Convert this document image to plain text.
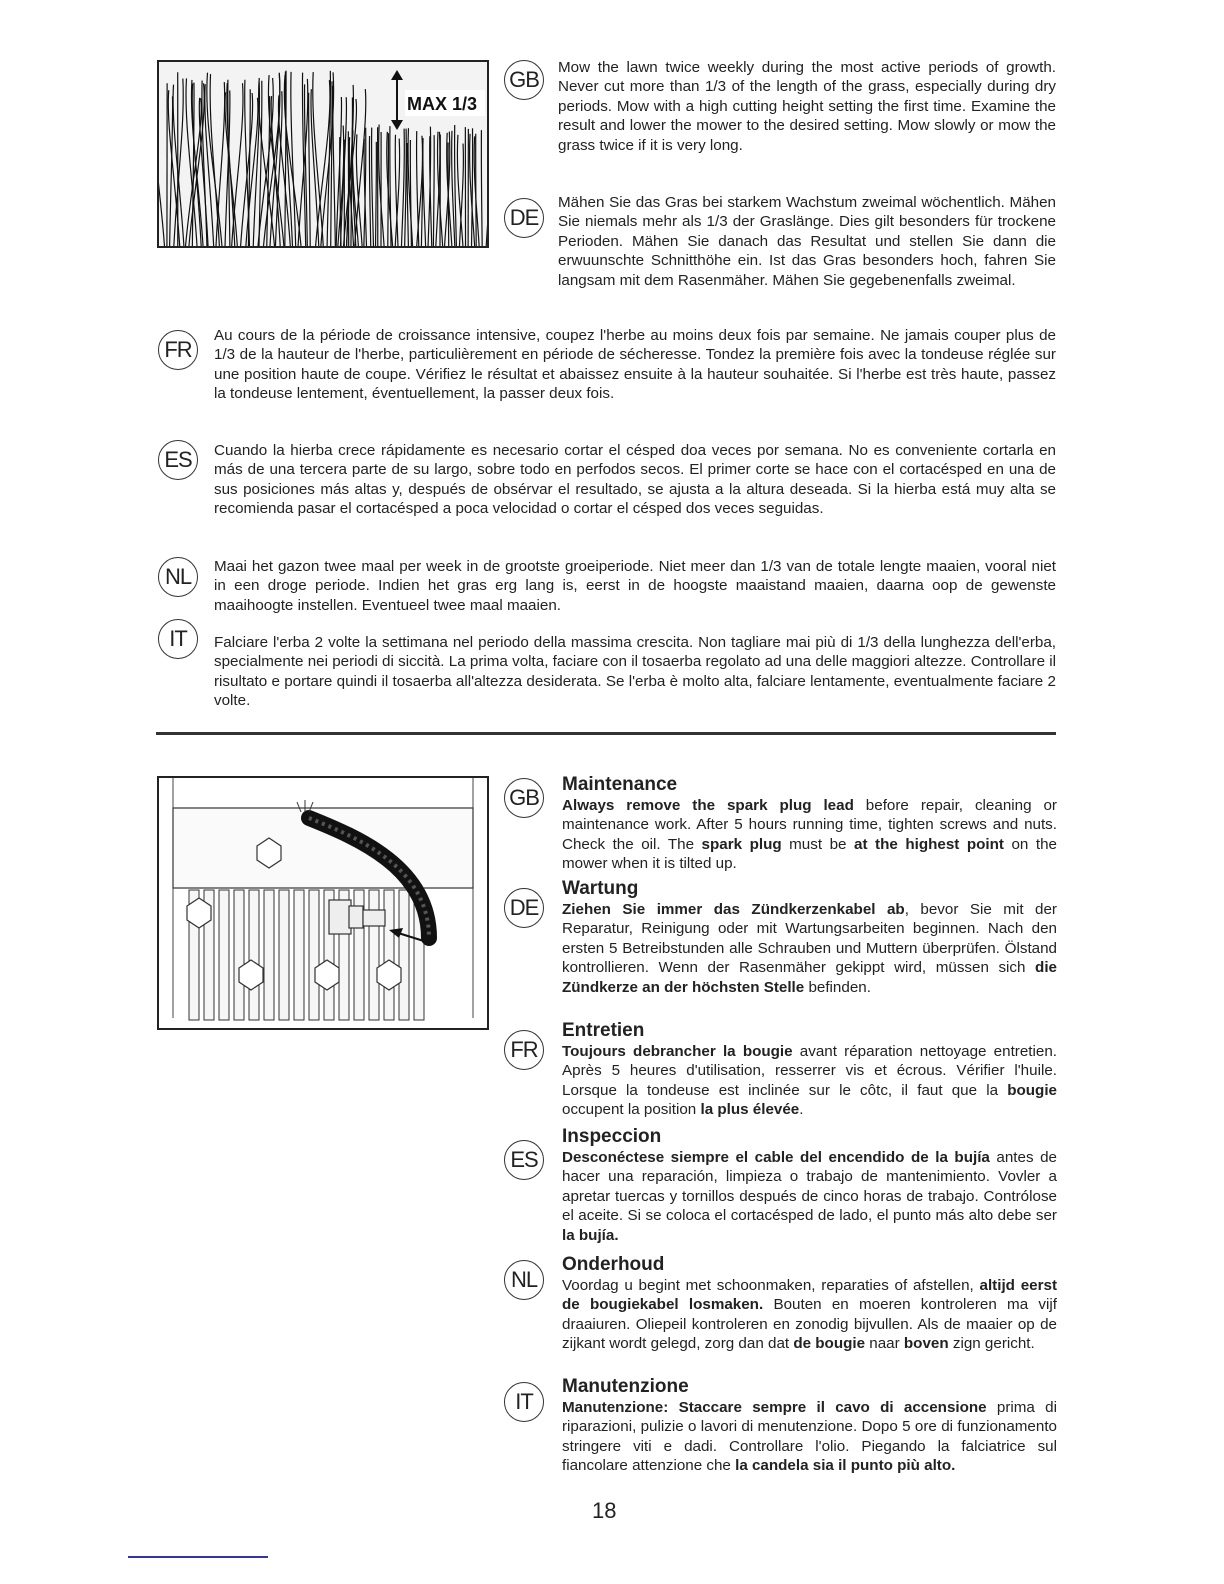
MAX 1/3
GB	Mow the lawn twice weekly during the most active periods of growth. Never cut more than 1/3 of the length of the grass, especially during dry periods. Mow with a high cutting height setting the first time. Examine the result and lower the mower to the desired setting. Mow slowly or mow the grass twice if it is very long.

DE

Mähen Sie das Gras bei starkem Wachstum zweimal wöchentlich. Mähen Sie niemals mehr als 1/3 der Graslänge. Dies gilt besonders für trockene Perioden. Mähen Sie danach das Resultat und stellen Sie dann die erwuunschte Schnitthöhe ein. Ist das Gras besonders hoch, fahren Sie langsam mit dem Rasenmäher. Mähen Sie gegebenenfalls zweimal.

FR

Au cours de la période de croissance intensive, coupez l'herbe au moins deux fois par semaine. Ne jamais couper plus de 1/3 de la hauteur de l'herbe, particulièrement en période de sécheresse. Tondez la première fois avec la tondeuse réglée sur une position haute de coupe. Vérifiez le résultat et abaissez ensuite à la hauteur souhaitée. Si l'herbe est très haute, passez la tondeuse lentement, éventuellement, la passer deux fois.

ES	Cuando la hierba crece rápidamente es necesario cortar el césped doa veces por semana. No es conveniente cortarla en más de una tercera parte de su largo, sobre todo en perfodos secos. El primer corte se hace con el cortacésped en una de sus posiciones más altas y, después de obsérvar el resultado, se ajusta a la altura deseada. Si la hierba está muy alta se recomienda pasar el cortacésped a poca velocidad o cortar el césped dos veces seguidas.

NL	Maai het gazon twee maal per week in de grootste groeiperiode. Niet meer dan 1/3 van de totale lengte maaien, vooral niet in een droge periode. Indien het gras erg lang is, eerst in de hoogste maaistand maaien, daarna oop de gewenste maaihoogte instellen. Eventueel twee maal maaien.

IT	Falciare l'erba 2 volte la settimana nel periodo della massima crescita. Non tagliare mai più di 1/3 della lunghezza dell'erba, specialmente nei periodi di siccità. La prima volta, faciare con il tosaerba regolato ad una delle maggiori altezze. Controllare il risultato e portare quindi il tosaerba all'altezza desiderata. Se l'erba è molto alta, falciare lentamente, eventualmente faciare 2 volte.

GB
Maintenance

Always remove the spark plug lead before repair, cleaning or maintenance work. After 5 hours running time, tighten screws and nuts. Check the oil. The spark plug must be at the highest point on the mower when it is tilted up.

DE
Wartung

Ziehen Sie immer das Zündkerzenkabel ab, bevor Sie mit der Reparatur, Reinigung oder mit Wartungsarbeiten beginnen. Nach den ersten 5 Betreibstunden alle Schrauben und Muttern überprüfen. Ölstand kontrollieren. Wenn der Rasenmäher gekippt wird, müssen sich die Zündkerze an der höchsten Stelle befinden.

FR
Entretien

Toujours debrancher la bougie avant réparation nettoyage entretien. Après 5 heures d'utilisation, resserrer vis et écrous. Vérifier l'huile. Lorsque la tondeuse est inclinée sur le côtc, il faut que la bougie occupent la position la plus élevée.

ES
Inspeccion

Desconéctese siempre el cable del encendido de la bujía antes de hacer una reparación, limpieza o trabajo de mantenimiento. Vovler a apretar tuercas y tornillos después de cinco horas de trabajo. Contrólose el aceite. Si se coloca el cortacésped de lado, el punto más alto debe ser la bujía.

NL
Onderhoud

Voordag u begint met schoonmaken, reparaties of afstellen, altijd eerst de bougiekabel losmaken. Bouten en moeren kontroleren ma vijf draaiuren. Oliepeil kontroleren en zonodig bijvullen. Als de maaier op de zijkant wordt gelegd, zorg dan dat de bougie naar boven zign gericht.

IT
Manutenzione

Manutenzione: Staccare sempre il cavo di accensione prima di riparazioni, pulizie o lavori di menutenzione. Dopo 5 ore di funzionamento stringere viti e dadi. Controllare l'olio. Piegando la falciatrice sul fiancolare attenzione che la candela sia il punto più alto.

18
